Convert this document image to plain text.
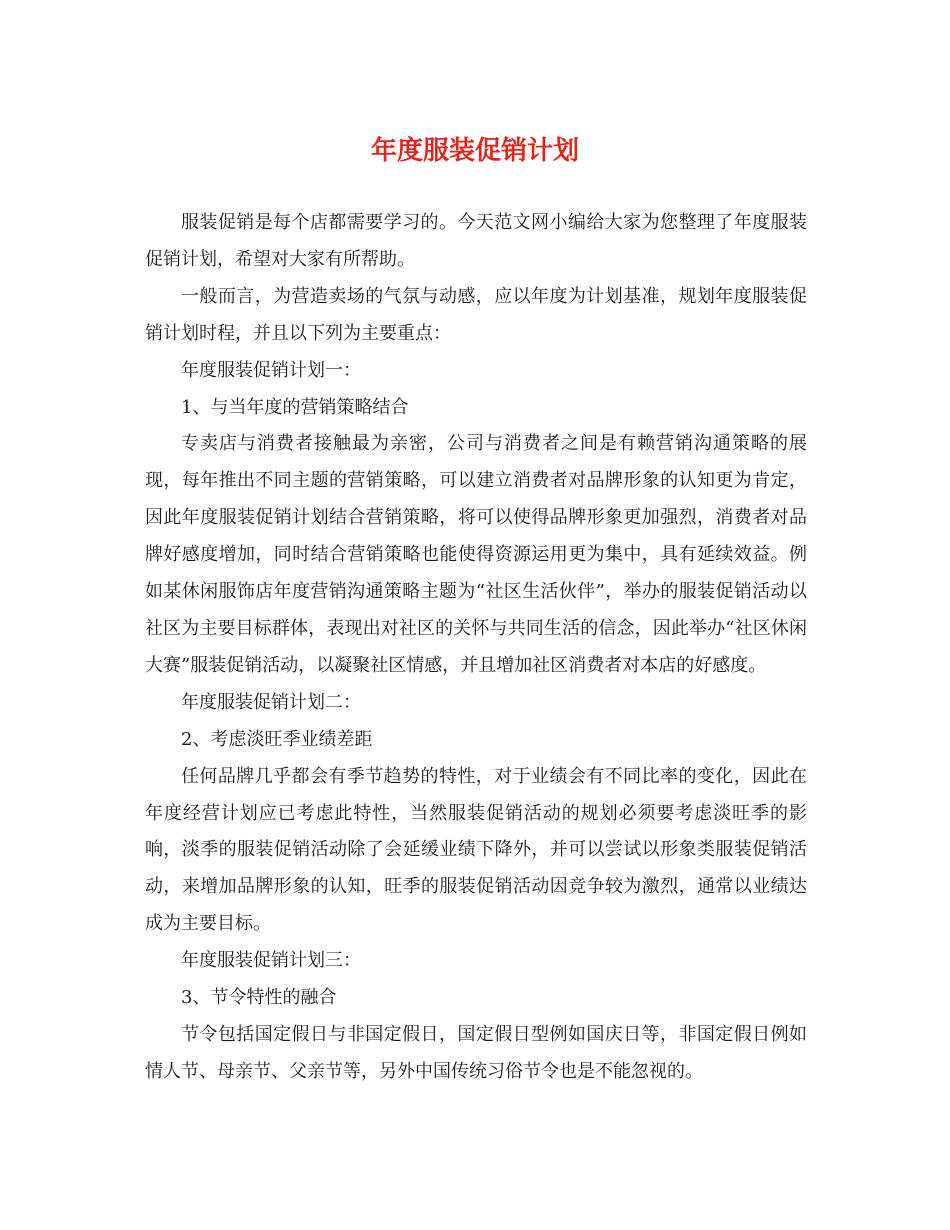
年度服装促销计划

服装促销是每个店都需要学习的。今天范文网小编给大家为您整理了年度服装促销计划，希望对大家有所帮助。

一般而言，为营造卖场的气氛与动感，应以年度为计划基准，规划年度服装促销计划时程，并且以下列为主要重点：

年度服装促销计划一：

1、与当年度的营销策略结合

专卖店与消费者接触最为亲密，公司与消费者之间是有赖营销沟通策略的展现，每年推出不同主题的营销策略，可以建立消费者对品牌形象的认知更为肯定，因此年度服装促销计划结合营销策略，将可以使得品牌形象更加强烈，消费者对品牌好感度增加，同时结合营销策略也能使得资源运用更为集中，具有延续效益。例如某休闲服饰店年度营销沟通策略主题为“社区生活伙伴”，举办的服装促销活动以社区为主要目标群体，表现出对社区的关怀与共同生活的信念，因此举办“社区休闲大赛”服装促销活动，以凝聚社区情感，并且增加社区消费者对本店的好感度。

年度服装促销计划二：

2、考虑淡旺季业绩差距

任何品牌几乎都会有季节趋势的特性，对于业绩会有不同比率的变化，因此在年度经营计划应已考虑此特性，当然服装促销活动的规划必须要考虑淡旺季的影响，淡季的服装促销活动除了会延缓业绩下降外，并可以尝试以形象类服装促销活动，来增加品牌形象的认知，旺季的服装促销活动因竞争较为激烈，通常以业绩达成为主要目标。

年度服装促销计划三：

3、节令特性的融合

节令包括国定假日与非国定假日，国定假日型例如国庆日等，非国定假日例如情人节、母亲节、父亲节等，另外中国传统习俗节令也是不能忽视的。
